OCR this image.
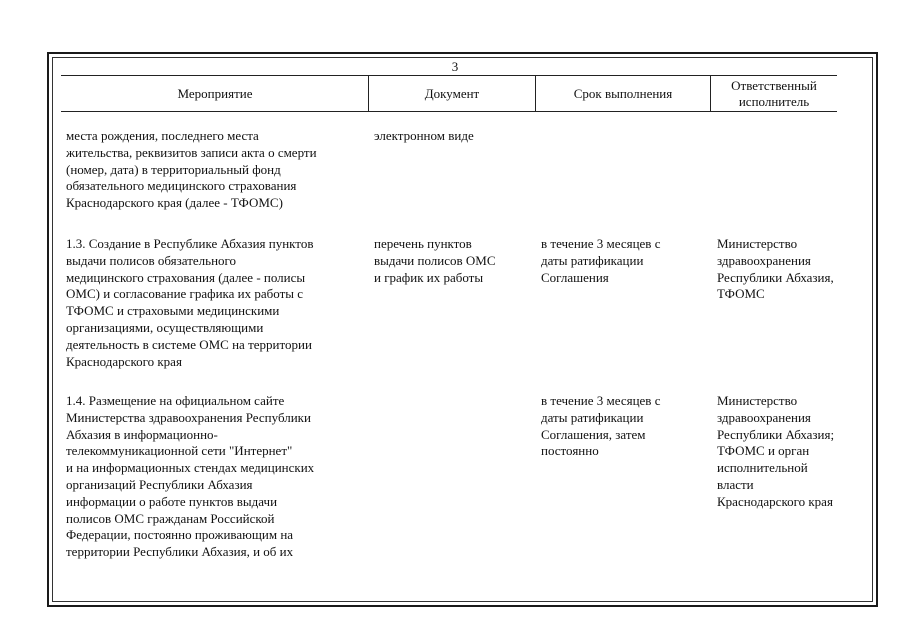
3
Мероприятие	Документ	Срок выполнения
Ответственный
исполнитель
места рождения, последнего места
жительства, реквизитов записи акта о смерти
(номер, дата) в территориальный фонд
обязательного медицинского страхования
Краснодарского края (далее - ТФОМС)
электронном виде
1.3. Создание в Республике Абхазия пунктов
выдачи полисов обязательного
медицинского страхования (далее - полисы
ОМС) и согласование графика их работы с
ТФОМС и страховыми медицинскими
организациями, осуществляющими
деятельность в системе ОМС на территории
Краснодарского края
перечень пунктов
выдачи полисов ОМС
и график их работы
в течение 3 месяцев с
даты ратификации
Соглашения
Министерство
здравоохранения
Республики Абхазия,
ТФОМС
1.4. Размещение на официальном сайте
Министерства здравоохранения Республики
Абхазия в информационно-
телекоммуникационной сети "Интернет"
и на информационных стендах медицинских
организаций Республики Абхазия
информации о работе пунктов выдачи
полисов ОМС гражданам Российской
Федерации, постоянно проживающим на
территории Республики Абхазия, и об их
в течение 3 месяцев с
даты ратификации
Соглашения, затем
постоянно
Министерство
здравоохранения
Республики Абхазия;
ТФОМС и орган
исполнительной
власти
Краснодарского края
